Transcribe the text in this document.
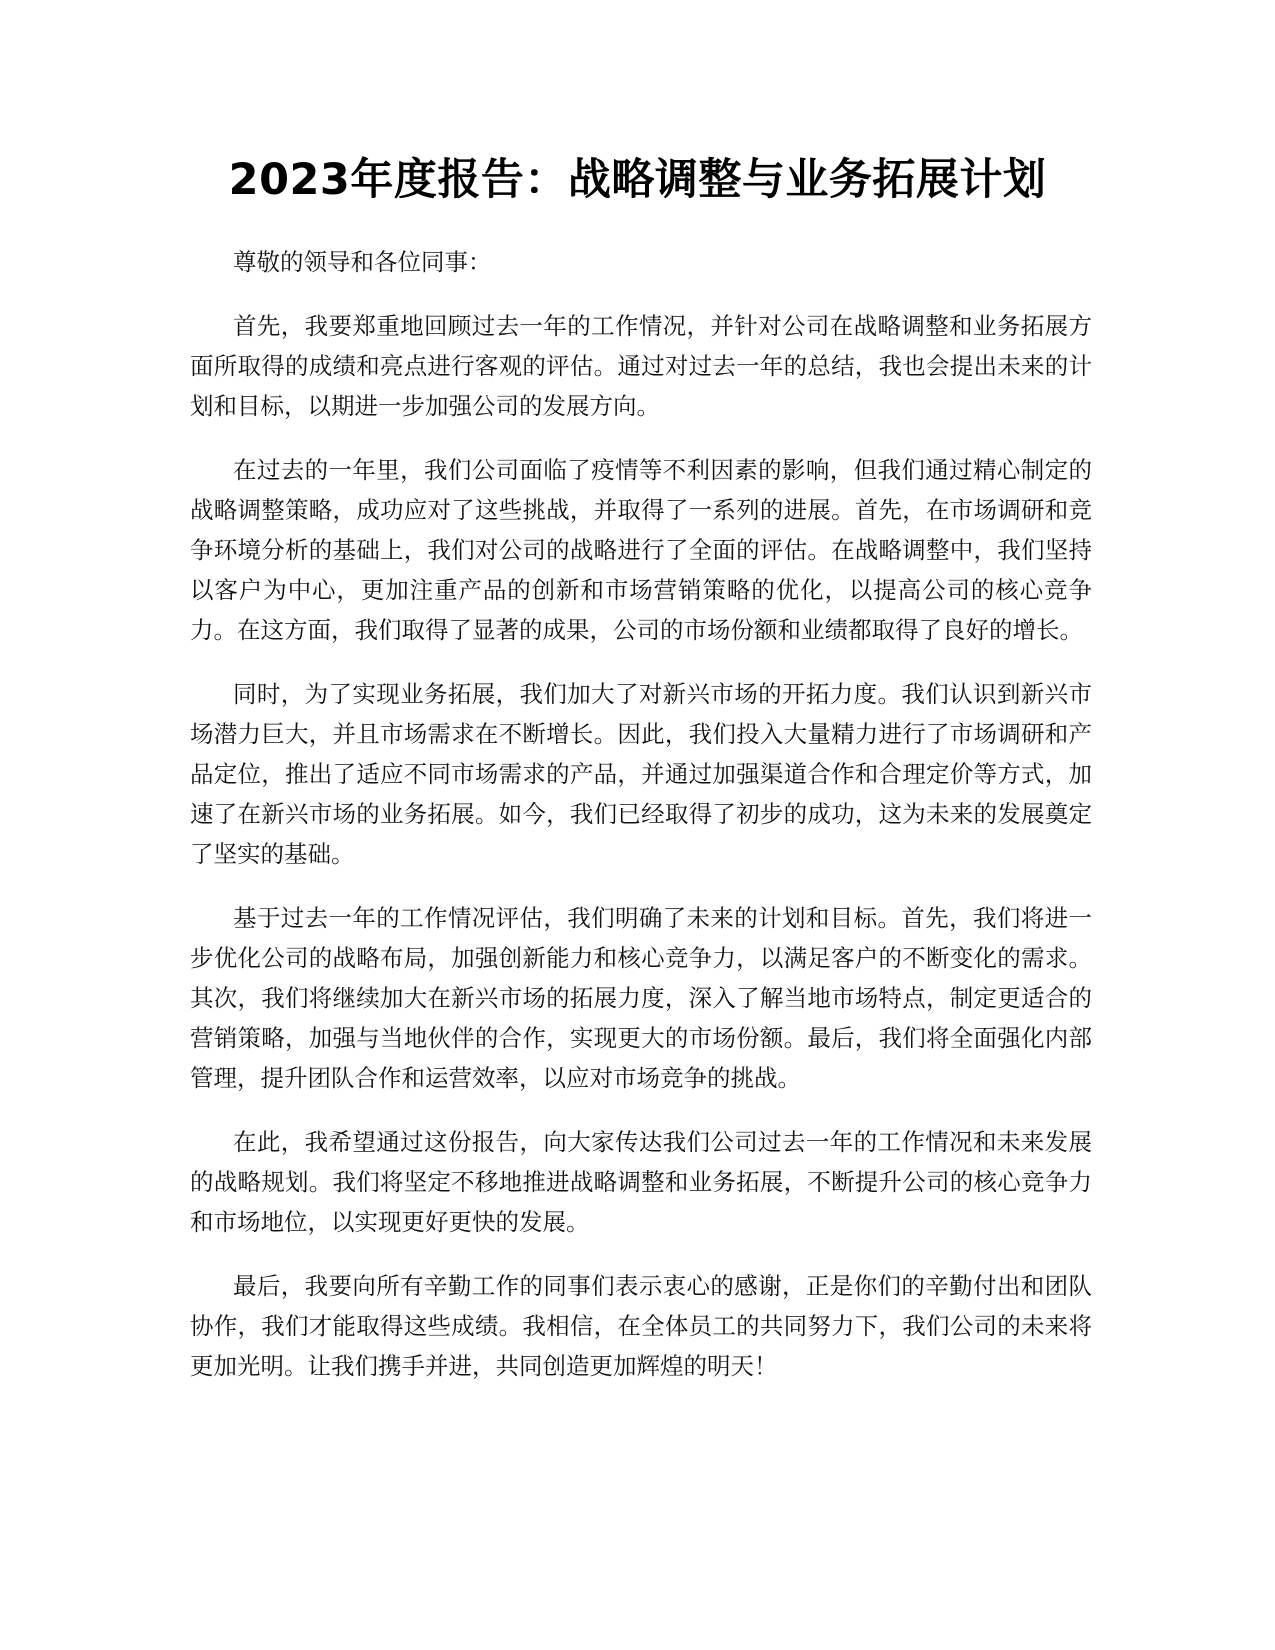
2023年度报告：战略调整与业务拓展计划

尊敬的领导和各位同事：

首先，我要郑重地回顾过去一年的工作情况，并针对公司在战略调整和业务拓展方面所取得的成绩和亮点进行客观的评估。通过对过去一年的总结，我也会提出未来的计划和目标，以期进一步加强公司的发展方向。

在过去的一年里，我们公司面临了疫情等不利因素的影响，但我们通过精心制定的战略调整策略，成功应对了这些挑战，并取得了一系列的进展。首先，在市场调研和竞争环境分析的基础上，我们对公司的战略进行了全面的评估。在战略调整中，我们坚持以客户为中心，更加注重产品的创新和市场营销策略的优化，以提高公司的核心竞争力。在这方面，我们取得了显著的成果，公司的市场份额和业绩都取得了良好的增长。

同时，为了实现业务拓展，我们加大了对新兴市场的开拓力度。我们认识到新兴市场潜力巨大，并且市场需求在不断增长。因此，我们投入大量精力进行了市场调研和产品定位，推出了适应不同市场需求的产品，并通过加强渠道合作和合理定价等方式，加速了在新兴市场的业务拓展。如今，我们已经取得了初步的成功，这为未来的发展奠定了坚实的基础。

基于过去一年的工作情况评估，我们明确了未来的计划和目标。首先，我们将进一步优化公司的战略布局，加强创新能力和核心竞争力，以满足客户的不断变化的需求。其次，我们将继续加大在新兴市场的拓展力度，深入了解当地市场特点，制定更适合的营销策略，加强与当地伙伴的合作，实现更大的市场份额。最后，我们将全面强化内部管理，提升团队合作和运营效率，以应对市场竞争的挑战。

在此，我希望通过这份报告，向大家传达我们公司过去一年的工作情况和未来发展的战略规划。我们将坚定不移地推进战略调整和业务拓展，不断提升公司的核心竞争力和市场地位，以实现更好更快的发展。

最后，我要向所有辛勤工作的同事们表示衷心的感谢，正是你们的辛勤付出和团队协作，我们才能取得这些成绩。我相信，在全体员工的共同努力下，我们公司的未来将更加光明。让我们携手并进，共同创造更加辉煌的明天！
